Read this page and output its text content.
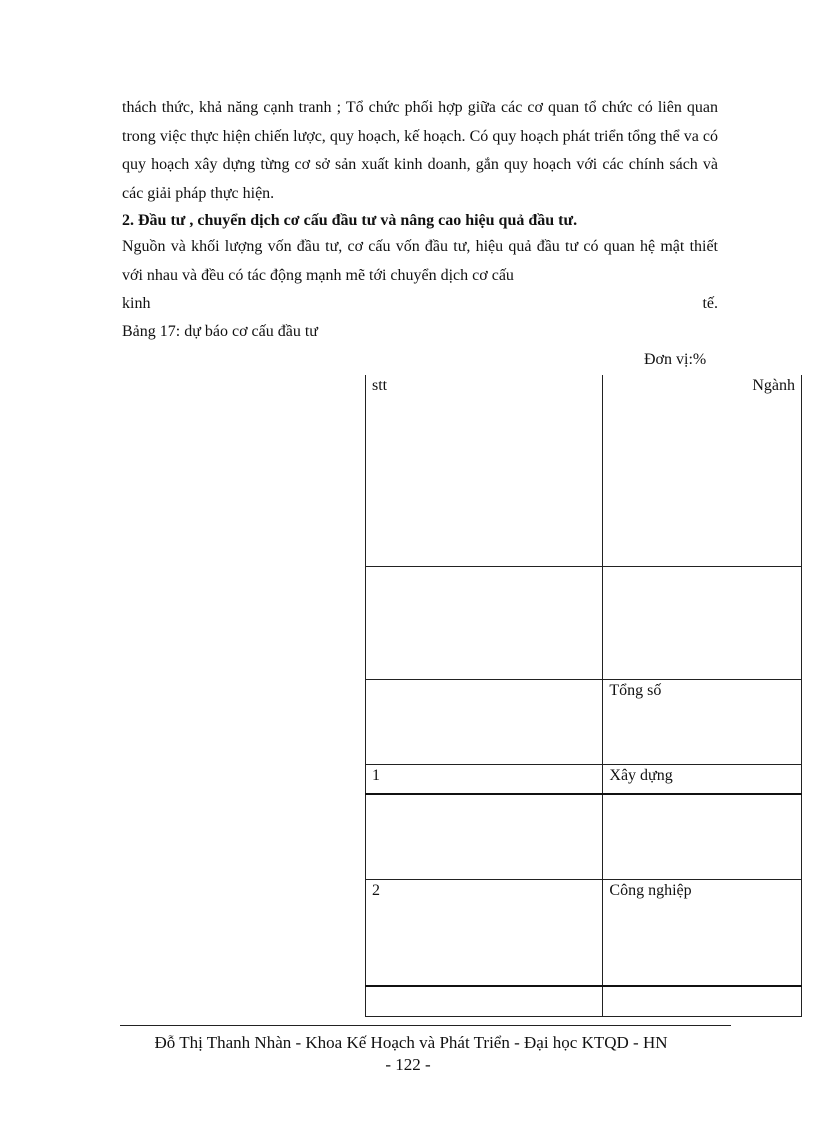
thách thức, khả năng cạnh tranh ; Tổ chức phối hợp giữa các cơ quan tổ chức có liên quan trong việc thực hiện chiến lược, quy hoạch, kế hoạch. Có quy hoạch phát triển tổng thể va có quy hoạch xây dựng từng cơ sở sản xuất kinh doanh, gắn quy hoạch với các chính sách và các giải pháp thực hiện.
2. Đầu tư , chuyển dịch cơ cấu đầu tư và nâng cao hiệu quả đầu tư.
Nguồn và khối lượng vốn đầu tư, cơ cấu vốn đầu tư, hiệu quả đầu tư có quan hệ mật thiết với nhau và đều có tác động mạnh mẽ tới chuyển dịch cơ cấu
kinh	tế.
Bảng 17: dự báo cơ cấu đầu tư
Đơn vị:%
stt	Ngành

	Tổng số
1	Xây dựng

2	Công nghiệp

Đỗ Thị Thanh Nhàn - Khoa Kế Hoạch và Phát Triển - Đại học KTQD - HN
- 122 -
